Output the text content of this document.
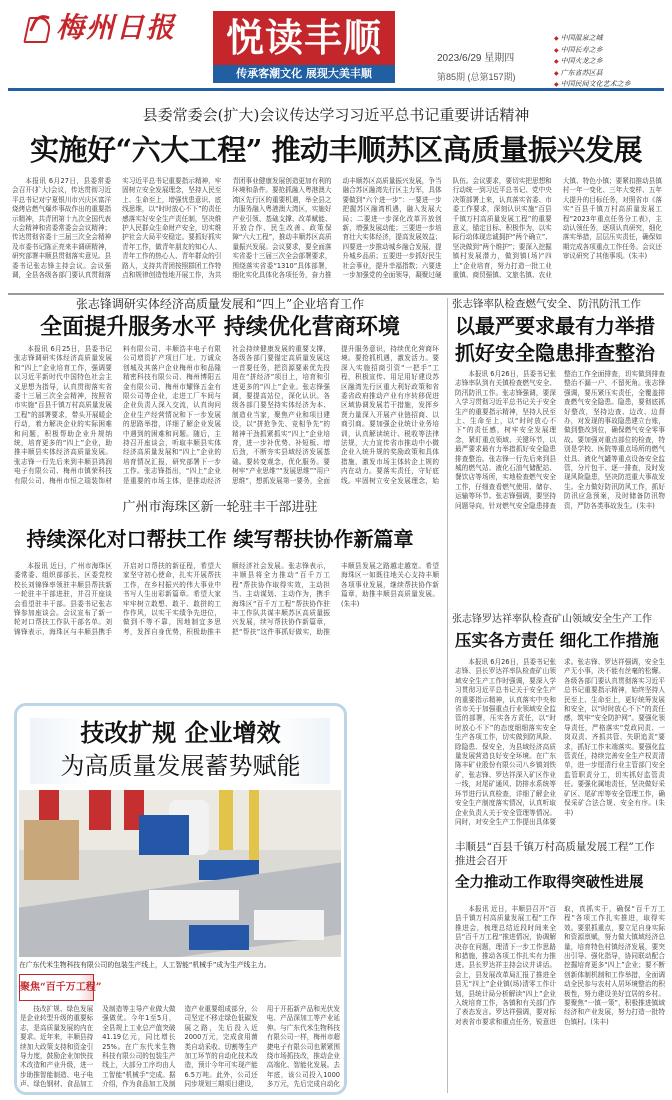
梅州日报	悦读丰顺
传承客潮文化 展现大美丰顺
2023/6/29 星期四
第85期 (总第157期)
◆ 中国温泉之城
◆ 中国长寿之乡
◆ 中国火龙之乡
◆ 广东省苏区县
◆ 中国民间文化艺术之乡
县委常委会(扩大)会议传达学习习近平总书记重要讲话精神
实施好“六大工程” 推动丰顺苏区高质量振兴发展

本报讯 6月27日，县委常委会召开(扩大)会议，传达贯彻习近平总书记对宁夏银川市兴庆区富洋烧烤店燃气爆炸事故作出的重要指示精神，共青团第十九次全国代表大会精神和省委常委会会议精神；传达贯彻省委十三届三次全会精神及市委书记陈正亮来丰调研精神，研究部署丰顺县贯彻落实意见。县委书记张志锋主持会议。会议强调，全县各级各部门要认真贯彻落实习近平总书记重要指示精神，牢固树立安全发展理念，坚持人民至上、生命至上，增强忧患意识、底线思维，以“时时放心不下”的责任感落实好安全生产责任制，坚决维护人民群众生命财产安全，切实维护社会大局平安稳定。要抓好抓实青年工作，做青年朋友的知心人、青年工作的热心人、青年群众的引路人，支持共青团按照群团工作特点和规律创造性地开展工作，为共青团事业健康发展创造更加有利的环境和条件。要抢抓融入粤港澳大湾区先行区的重要机遇，举全县之力服务融入粤港澳大湾区，实施好产业引领、基础支撑、改革赋能、开放合作、民生改善、政策保障“六大工程”，推动丰顺苏区高质量振兴发展。会议要求，要全面落实省委十三届三次全会部署要求，围绕落实省委“1310”具体部署，细化实化具体化各项任务，奋力推动丰顺苏区高质量振兴发展，争当融合苏区融湾先行区主力军，具体要做到“六个进一步”：一要进一步把握苏区融湾机遇，融入发展大局；二要进一步深化改革开放创新，增强发展动能；三要进一步培育壮大实体经济，提高发展效益；四要进一步推动城乡融合发展，提升城乡品质；五要进一步抓好民生社会事业，提升幸福指数；六要进一步加强党的全面领导，凝聚过硬队伍。会议要求，要切实把思想和行动统一到习近平总书记、党中央决策部署上来，认真落实省委、市委工作要求，深刻认识实施“百县千镇万村高质量发展工程”的重要意义，锚定目标、积极作为，以实际行动体现忠诚拥护“两个确立”、坚决做到“两个维护”；要深入挖掘镇村发展潜力，做到镇(场)“四上”企业培育，努力打造一批工业重镇、商贸强镇、文旅名镇、农业大镇、特色小镇；要紧扣推动县镇村一年一变化、三年大变样、五年大提升的目标任务，对照省市《落实“百县千镇万村高质量发展工程”2023年重点任务分工表》，主动认领任务，逐项认真研究，细化落实举措，层层压实责任，确保如期完成各项重点工作任务。会议还审议研究了其他事项。(朱丰)

张志锋调研实体经济高质量发展和“四上”企业培育工作
全面提升服务水平 持续优化营商环境

本报讯 6月25日，县委书记张志锋调研实体经济高质量发展和“四上”企业培育工作，强调要以习近平新时代中国特色社会主义思想为指导，认真贯彻落实省委十三届三次全会精神，按照省市实施“百县千镇万村高质量发展工程”的部署要求，带头开展暖企行动，着力解决企业的实际困难和问题，积极帮助企业升规纳统，培育更多的“四上”企业，助推丰顺县实体经济高质量发展。张志锋一行先后来到丰顺县鸿润电子有限公司、梅州市镇荣科技有限公司、梅州市恒之瑞装饰材料有限公司、丰顺浩丰电子有限公司增资扩产项目厂址、万诚众创城及其落户企业梅州市和品隆精密科技有限公司、梅州博阳五金有限公司、梅州市耀锋五金有限公司等企业，走进工厂车间与企业负责人深入交流，认真询问企业生产经营情况和下一步发展的思路举措，详细了解企业发展中遇到的困难和问题。随后，主持召开座谈会，听取丰顺县实体经济高质量发展和“四上”企业的培育情况汇报，研究部署下一步工作。张志锋指出，“四上”企业是重要的市场主体，是推动经济社会持续健康发展的重要支撑，各级各部门要锚定高质量发展这一首要任务，把资源要素优先投用在“拼经济”项目上，培育和引进更多的“四上”企业。张志锋强调，要提高站位，深化认识。各级各部门要坚持实体经济为本、制造业当家，聚焦产业和项目建设，以“拼抢争先、竞相争先”的精神干劲抓紧抓实“四上”企业培育，进一步补优势、补短板、增后劲，不断夯实县域经济发展基础。要转变观念，优化服务。要树牢“产业思维”“发展思维”“用户思维”，想抓发展第一要务，全面提升服务意识，持续优化营商环境。要抢抓机遇，激发活力。要深入实施招商引资“一把手”工程，积极宣传、用足用好建设苏区融湾先行区重大利好政策和省委省政府推动产业有序转移促进区域协调发展若干措施，发挥乡贤力量深入开展产业链招商、以商引商。要加强企业统计业务培训，认真解读统计、税收等法律法规，大力宣传省市推动中小微企业入统升规的奖励政策和具体措施，激发市场主体转企上规的内在动力。要落实责任，守好底线。牢固树立安全发展理念，始

广州市海珠区新一轮驻丰干部进驻
持续深化对口帮扶工作 续写帮扶协作新篇章

本报讯 近日，广州市海珠区委常委、组织部部长、区委党校校长刘锦锋率领驻丰顺县帮扶新一轮驻丰干部进驻，并召开座谈会看望驻丰干部。县委书记张志锋参加座谈会。会议宣布了新一轮对口帮扶工作队干部名单。刘锦锋表示，海珠区与丰顺县携手开启对口帮扶的新征程，希望大家坚守初心使命，扎实开展帮扶工作，在乡村振兴的伟大事业中书写人生出彩新篇章。希望大家牢牢树立敢想、敢干、敢拼的工作作风，以实干实绩争先进位，做到不等不靠，因地制宜多思考，发挥自身优势，积极助推丰顺经济社会发展。张志锋表示，丰顺县将全力推动“百千万工程”帮扶协作取得实效，主动担当、主动谋划、主动作为，携手海珠区“百千万工程”帮扶协作驻丰工作队共谋丰顺苏区高质量振兴发展，续写帮扶协作新篇章，把“帮扶”这件事抓好做实，助推丰顺县发展之路越走越宽。希望海珠区一如既往地关心支持丰顺各项事业发展，继续帮扶协作新篇章，助推丰顺县高质量发展。(朱丰)

张志锋率队检查燃气安全、防汛防汛工作
以最严要求最有力举措抓好安全隐患排查整治

本报讯 6月26日，县委书记张志锋率队到有关镇检查燃气安全、防汛防汛工作。张志锋强调，要深入学习贯彻习近平总书记关于安全生产的重要指示精神，坚持人民至上、生命至上，以“时时放心不下”的责任感，树牢安全发展理念，紧盯重点领域、关键环节，以最严要求最有力举措抓好安全隐患排查整治。张志锋一行先后来到县城的燃气站、液化石油气储配站、餐饮店等场所，实地检查燃气安全工作，仔细查看燃气使用、储存、运输等环节。张志锋强调，要坚持问题导向，针对燃气安全隐患排查整治工作全面排查，切实做到排查整治不漏一户、不留死角。张志锋强调，要压紧压实责任，全覆盖排查燃气安全隐患。隐患，要彻底抓好整改，坚持边查、边改、边督办，对发现的事故隐患建立台账，做到整改到位，确保燃气安全零事故。要加强对重点部位的检查，特别是学校、医院等重点场所的燃气灶具、液化气罐等重点设备安全监管，分片包干、逐一排查，及时发现风险隐患，坚决防范重大事故发生。全力做好防汛防风工作，抓好防汛应急预案，及时储备防汛物资，严防各类事故发生。(朱丰)

张志锋罗达祥率队检查矿山领域安全生产工作
压实各方责任 细化工作措施

本报讯 6月26日，县委书记张志锋、县长罗达祥率队检查矿山领域安全生产工作时强调，要深入学习贯彻习近平总书记关于安全生产的重要指示精神，认真落实中央和省市关于加强重点行业领域安全监管的部署，压实各方责任，以“时时放心不下”的态度细细落实安全生产各项工作，切实做到防风险、除隐患、保安全，为县域经济高质量发展营造良好安全环境。在广东陈丰矿业股份有限公司八乡镇刘铁矿，张志锋、罗达祥深入矿区作业一线，对尾矿通风、防排水系统等环节进行认真检查，详细了解企业安全生产制度落实情况，认真听取企业负责人关于安全管理等情况。同时，对安全生产工作提出具体要求。张志锋、罗达祥强调，安全生产无小事，决不能有丝毫的松懈。各级各部门要认真贯彻落实习近平总书记重要指示精神，始终坚持人民至上、生命至上，更好统筹发展和安全，以“时时放心不下”的责任感，筑牢“安全防护网”。要强化领导责任，严格落实“党政同责、一岗双责、齐抓共管、失职追责”要求，抓好工作末端落实。要强化监管责任，持续完善安全生产权责清单，进一步厘清行业主管部门安全监管职责分工，切实抓好监管责任。要强化属地责任，坚决做好采矿区、尾矿库等安全管理工作，确保采矿合法合规、安全有序。(朱丰)

丰顺县“百县千镇万村高质量发展工程”工作推进会召开
全力推动工作取得突破性进展

本报讯 近日，丰顺县召开“百县千镇万村高质量发展工程”工作推进会，梳理总结近段时间来全县“百千万工程”推进情况，协调解决存在问题，理清下一步工作思路和措施，推动各项工作扎实有力推进。县长罗达祥主持会议并讲话。会上，县发展改革局汇报了推进全县无“四上”企业镇(场)清零工作计划，县统计局分析解读“四上”企业入统培育工作，各镇和有关部门作了表态发言。罗达祥强调，要对标对表省市要求和重点任务，锐意进取，真抓实干，确保“百千万工程”各项工作扎实推进，取得实效。要狠抓重点，要立足自身实际和资源禀赋，努力做大镇域经济总量，培育特色村镇经济发展，要突出引导、强化指导，协同联动配合挖掘培育更多“四上”企业；要不断创新体制机制和工作举措，全面调动全民参与农村人居环境整治的积极性，努力建设美好宜居的乡村。要聚焦“一镇一策”，积极推进镇域经济和产业发展，努力打造一批特色镇村。(朱丰)

技改扩规 企业增效
为高质量发展蓄势赋能
在广东代米生物科技有限公司的包装生产线上，人工智能“机械手”成为生产线主力。
聚焦“百千万工程”

技改扩规、绿色发展是企业转型升级的重要标志，是高质量发展的内在要求。近年来，丰顺县持续加大政策支持和资金引导力度，鼓励企业加快技术改造和产业升级，进一步助推智能制造、电子电声、绿色钢材、食品加工及制造等主导产业做大做强做优。今年1至5月，全县规上工业总产值突破41.19亿元，同比增长25%。在广东代米生物科技有限公司的包装生产线上，大部分工序均由人工智能“机械手”完成。据介绍，作为食品加工及制造产业重要组成部分，公司坚定不移走绿色低碳发展之路，先后投入近2000万元，完成食用菌类自动采收、切割等生产加工环节的自动化技术改造，预计今年可实现产能6.5万吨。此外，公司还同步规划三期项目建设，用于开拓新产品和光伏发电、产品深加工等产业延伸。与广东代米生物科技有限公司一样，梅州市超捷电子有限公司也紧紧围绕市场抓技改，推动企业高端化、智能化发展。去年底，该公司投入1000多万元，先后完成自动化
